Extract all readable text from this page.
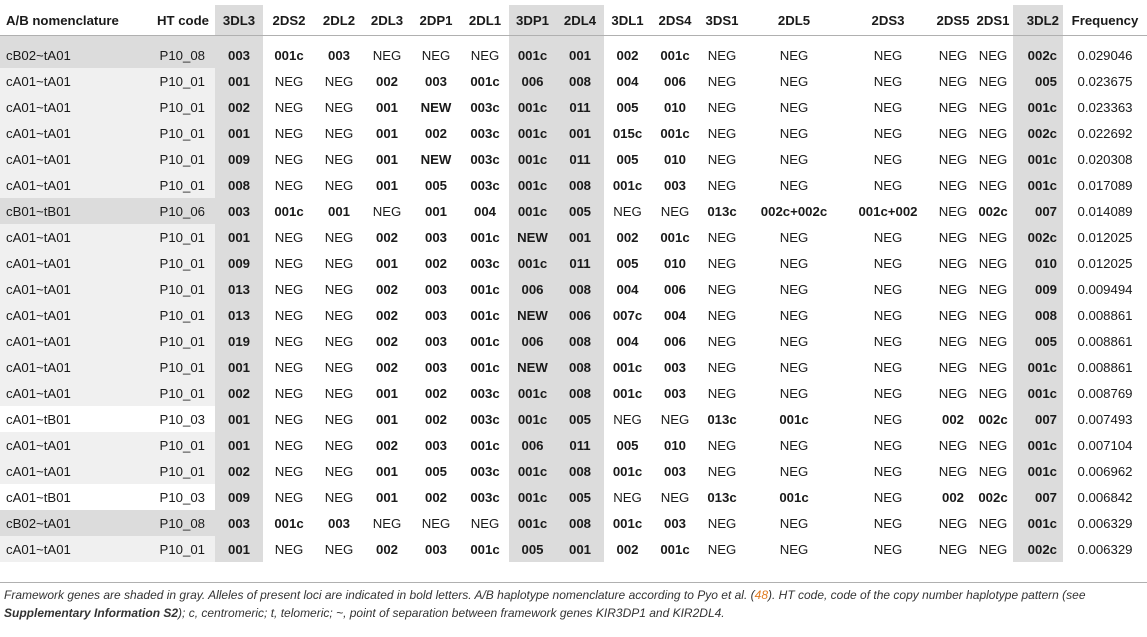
A/B nomenclature	HT code	3DL3	2DS2	2DL2	2DL3	2DP1	2DL1	3DP1	2DL4	3DL1	2DS4	3DS1	2DL5	2DS3	2DS5	2DS1	3DL2	Frequency
cB02~tA01	P10_08	003	001c	003	NEG	NEG	NEG	001c	001	002	001c	NEG	NEG	NEG	NEG	NEG	002c	0.029046
cA01~tA01	P10_01	001	NEG	NEG	002	003	001c	006	008	004	006	NEG	NEG	NEG	NEG	NEG	005	0.023675
cA01~tA01	P10_01	002	NEG	NEG	001	NEW	003c	001c	011	005	010	NEG	NEG	NEG	NEG	NEG	001c	0.023363
cA01~tA01	P10_01	001	NEG	NEG	001	002	003c	001c	001	015c	001c	NEG	NEG	NEG	NEG	NEG	002c	0.022692
cA01~tA01	P10_01	009	NEG	NEG	001	NEW	003c	001c	011	005	010	NEG	NEG	NEG	NEG	NEG	001c	0.020308
cA01~tA01	P10_01	008	NEG	NEG	001	005	003c	001c	008	001c	003	NEG	NEG	NEG	NEG	NEG	001c	0.017089
cB01~tB01	P10_06	003	001c	001	NEG	001	004	001c	005	NEG	NEG	013c	002c+002c	001c+002	NEG	002c	007	0.014089
cA01~tA01	P10_01	001	NEG	NEG	002	003	001c	NEW	001	002	001c	NEG	NEG	NEG	NEG	NEG	002c	0.012025
cA01~tA01	P10_01	009	NEG	NEG	001	002	003c	001c	011	005	010	NEG	NEG	NEG	NEG	NEG	010	0.012025
cA01~tA01	P10_01	013	NEG	NEG	002	003	001c	006	008	004	006	NEG	NEG	NEG	NEG	NEG	009	0.009494
cA01~tA01	P10_01	013	NEG	NEG	002	003	001c	NEW	006	007c	004	NEG	NEG	NEG	NEG	NEG	008	0.008861
cA01~tA01	P10_01	019	NEG	NEG	002	003	001c	006	008	004	006	NEG	NEG	NEG	NEG	NEG	005	0.008861
cA01~tA01	P10_01	001	NEG	NEG	002	003	001c	NEW	008	001c	003	NEG	NEG	NEG	NEG	NEG	001c	0.008861
cA01~tA01	P10_01	002	NEG	NEG	001	002	003c	001c	008	001c	003	NEG	NEG	NEG	NEG	NEG	001c	0.008769
cA01~tB01	P10_03	001	NEG	NEG	001	002	003c	001c	005	NEG	NEG	013c	001c	NEG	002	002c	007	0.007493
cA01~tA01	P10_01	001	NEG	NEG	002	003	001c	006	011	005	010	NEG	NEG	NEG	NEG	NEG	001c	0.007104
cA01~tA01	P10_01	002	NEG	NEG	001	005	003c	001c	008	001c	003	NEG	NEG	NEG	NEG	NEG	001c	0.006962
cA01~tB01	P10_03	009	NEG	NEG	001	002	003c	001c	005	NEG	NEG	013c	001c	NEG	002	002c	007	0.006842
cB02~tA01	P10_08	003	001c	003	NEG	NEG	NEG	001c	008	001c	003	NEG	NEG	NEG	NEG	NEG	001c	0.006329
cA01~tA01	P10_01	001	NEG	NEG	002	003	001c	005	001	002	001c	NEG	NEG	NEG	NEG	NEG	002c	0.006329
Framework genes are shaded in gray. Alleles of present loci are indicated in bold letters. A/B haplotype nomenclature according to Pyo et al. (48). HT code, code of the copy number haplotype pattern (see Supplementary Information S2); c, centromeric; t, telomeric; ~, point of separation between framework genes KIR3DP1 and KIR2DL4.
